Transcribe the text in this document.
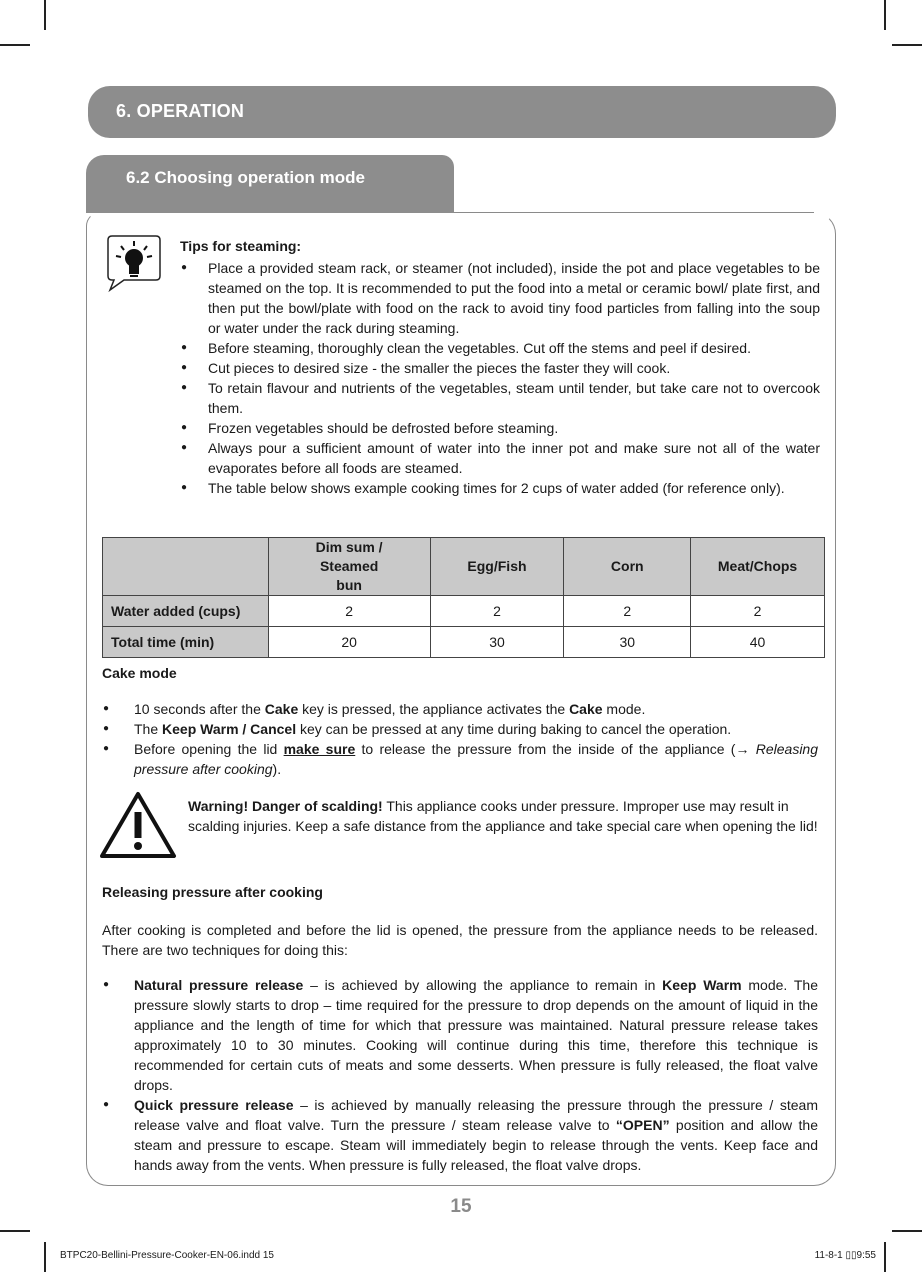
6. OPERATION
6.2 Choosing operation mode
Tips for steaming:
● Place a provided steam rack, or steamer (not included), inside the pot and place vegetables to be steamed on the top. It is recommended to put the food into a metal or ceramic bowl/ plate first, and then put the bowl/plate with food on the rack to avoid tiny food particles from falling into the soup or water under the rack during steaming.
● Before steaming, thoroughly clean the vegetables. Cut off the stems and peel if desired.
● Cut pieces to desired size - the smaller the pieces the faster they will cook.
● To retain flavour and nutrients of the vegetables, steam until tender, but take care not to overcook them.
● Frozen vegetables should be defrosted before steaming.
● Always pour a sufficient amount of water into the inner pot and make sure not all of the water evaporates before all foods are steamed.
● The table below shows example cooking times for 2 cups of water added (for reference only).
	Dim sum / Steamed bun	Egg/Fish	Corn	Meat/Chops
Water added (cups)	2	2	2	2
Total time (min)	20	30	30	40
Cake mode
● 10 seconds after the Cake key is pressed, the appliance activates the Cake mode.
● The Keep Warm / Cancel key can be pressed at any time during baking to cancel the operation.
● Before opening the lid make sure to release the pressure from the inside of the appliance (→ Releasing pressure after cooking).
Warning! Danger of scalding! This appliance cooks under pressure. Improper use may result in scalding injuries. Keep a safe distance from the appliance and take special care when opening the lid!
Releasing pressure after cooking
After cooking is completed and before the lid is opened, the pressure from the appliance needs to be released. There are two techniques for doing this:
● Natural pressure release – is achieved by allowing the appliance to remain in Keep Warm mode. The pressure slowly starts to drop – time required for the pressure to drop depends on the amount of liquid in the appliance and the length of time for which that pressure was maintained. Natural pressure release takes approximately 10 to 30 minutes. Cooking will continue during this time, therefore this technique is recommended for certain cuts of meats and some desserts. When pressure is fully released, the float valve drops.
● Quick pressure release – is achieved by manually releasing the pressure through the pressure / steam release valve and float valve. Turn the pressure / steam release valve to “OPEN” position and allow the steam and pressure to escape. Steam will immediately begin to release through the vents. Keep face and hands away from the vents. When pressure is fully released, the float valve drops.
15
BTPC20-Bellini-Pressure-Cooker-EN-06.indd 15	11-8-1 ▯▯9:55
